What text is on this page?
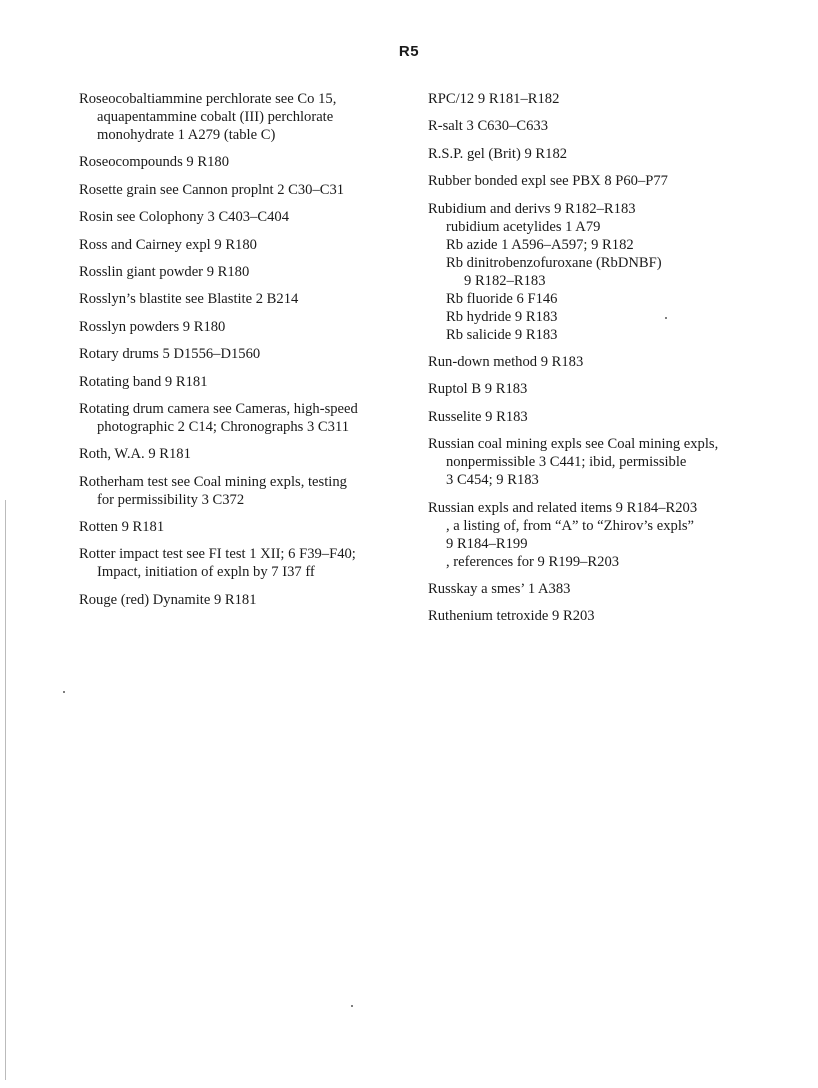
R5
Roseocobaltiammine perchlorate see Co 15,
aquapentammine cobalt (III) perchlorate
monohydrate 1 A279 (table C)
Roseocompounds 9 R180
Rosette grain see Cannon proplnt 2 C30–C31
Rosin see Colophony 3 C403–C404
Ross and Cairney expl 9 R180
Rosslin giant powder 9 R180
Rosslyn’s blastite see Blastite 2 B214
Rosslyn powders 9 R180
Rotary drums 5 D1556–D1560
Rotating band 9 R181
Rotating drum camera see Cameras, high-speed
photographic 2 C14; Chronographs 3 C311
Roth, W.A. 9 R181
Rotherham test see Coal mining expls, testing
for permissibility 3 C372
Rotten 9 R181
Rotter impact test see FI test 1 XII; 6 F39–F40;
Impact, initiation of expln by 7 I37 ff
Rouge (red) Dynamite 9 R181
RPC/12 9 R181–R182
R-salt 3 C630–C633
R.S.P. gel (Brit) 9 R182
Rubber bonded expl see PBX 8 P60–P77
Rubidium and derivs 9 R182–R183
rubidium acetylides 1 A79
Rb azide 1 A596–A597; 9 R182
Rb dinitrobenzofuroxane (RbDNBF)
9 R182–R183
Rb fluoride 6 F146
Rb hydride 9 R183
Rb salicide 9 R183
Run-down method 9 R183
Ruptol B 9 R183
Russelite 9 R183
Russian coal mining expls see Coal mining expls,
nonpermissible 3 C441; ibid, permissible
3 C454; 9 R183
Russian expls and related items 9 R184–R203
, a listing of, from “A” to “Zhirov’s expls”
9 R184–R199
, references for 9 R199–R203
Russkay a smes’ 1 A383
Ruthenium tetroxide 9 R203
